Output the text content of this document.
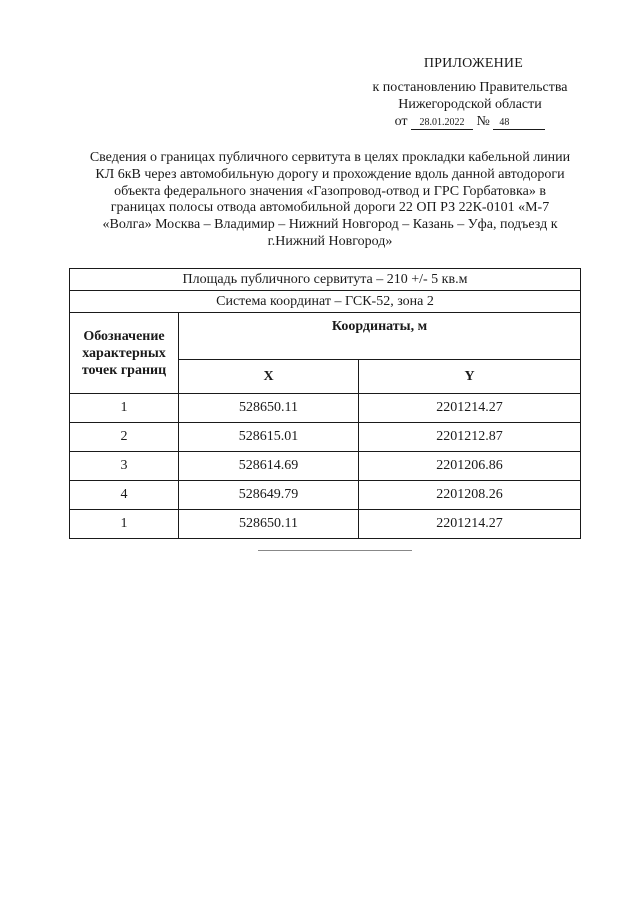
ПРИЛОЖЕНИЕ
к постановлению Правительства
Нижегородской области
от 28.01.2022 № 48
Сведения о границах публичного сервитута в целях прокладки кабельной линии КЛ 6кВ через автомобильную дорогу и прохождение вдоль данной автодороги объекта федерального значения «Газопровод-отвод и ГРС Горбатовка» в границах полосы отвода автомобильной дороги 22 ОП РЗ 22К-0101 «М-7 «Волга» Москва – Владимир – Нижний Новгород – Казань – Уфа, подъезд к г.Нижний Новгород»
Площадь публичного сервитута – 210 +/- 5 кв.м		
Система координат – ГСК-52, зона 2		
Обозначение характерных точек границ	Координаты, м	
	X	Y
1	528650.11	2201214.27
2	528615.01	2201212.87
3	528614.69	2201206.86
4	528649.79	2201208.26
1	528650.11	2201214.27
